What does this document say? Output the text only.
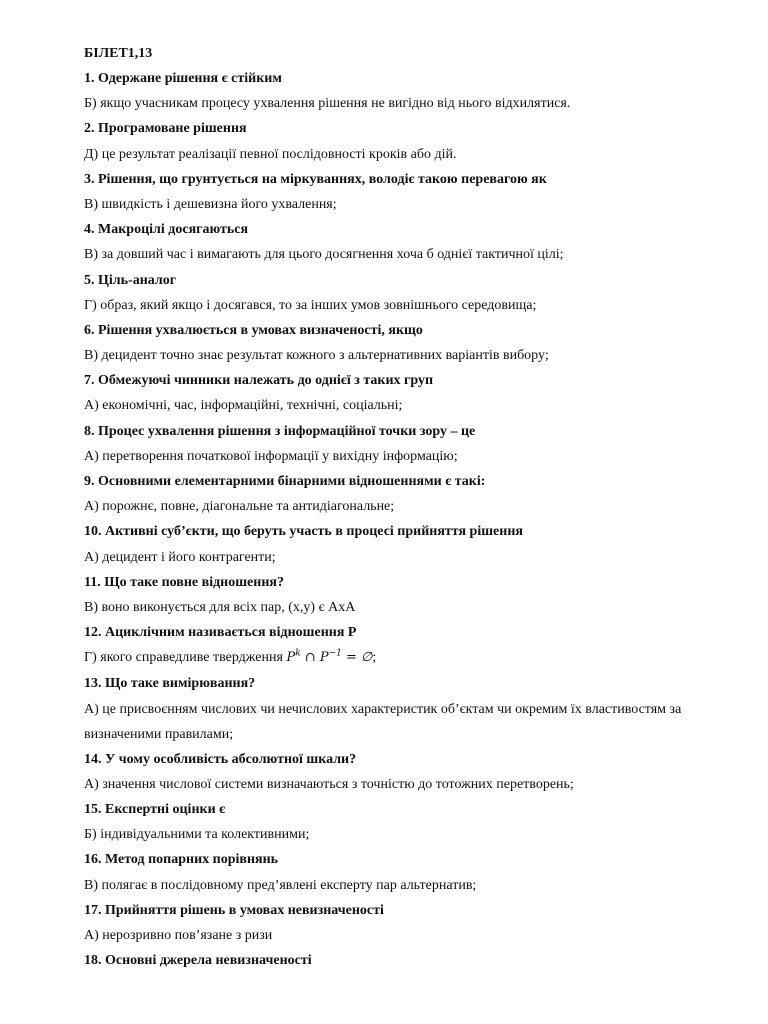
БІЛЕТ1,13
1. Одержане рішення є стійким
Б) якщо учасникам процесу ухвалення рішення не вигідно від нього відхилятися.
2. Програмоване рішення
Д) це результат реалізації певної послідовності кроків або дій.
3. Рішення, що грунтується на міркуваннях, володіє такою перевагою як
В) швидкість і дешевизна його ухвалення;
4. Макроцілі досягаються
В) за довший час і вимагають для цього досягнення хоча б однієї тактичної цілі;
5. Ціль-аналог
Г) образ, який якщо і досягався, то за інших умов зовнішнього середовища;
6. Рішення ухвалюється в умовах визначеності, якщо
В) децидент точно знає результат кожного з альтернативних варіантів вибору;
7. Обмежуючі чинники належать до однієї з таких груп
А) економічні, час, інформаційні, технічні, соціальні;
8. Процес ухвалення рішення з інформаційної точки зору – це
А) перетворення початкової інформації у вихідну інформацію;
9. Основними елементарними бінарними відношеннями є такі:
А) порожнє, повне, діагональне та антидіагональне;
10. Активні суб’єкти, що беруть участь в процесі прийняття рішення
А) децидент і його контрагенти;
11. Що таке повне відношення?
В) воно виконується для всіх пар, (x,y) є AxA
12. Ациклічним називається відношення P
Г) якого справедливе твердження $P^k$ ∩ $P^{-1}$ = ∅;
13. Що таке вимірювання?
А) це присвоєнням числових чи нечислових характеристик об’єктам чи окремим їх властивостям за визначеними правилами;
14. У чому особливість абсолютної шкали?
А) значення числової системи визначаються з точністю до тотожних перетворень;
15. Експертні оцінки є
Б) індивідуальними та колективними;
16. Метод попарних порівнянь
В) полягає в послідовному пред’явлені експерту пар альтернатив;
17. Прийняття рішень в умовах невизначеності
А) нерозривно пов’язане з ризи
18. Основні джерела невизначеності
